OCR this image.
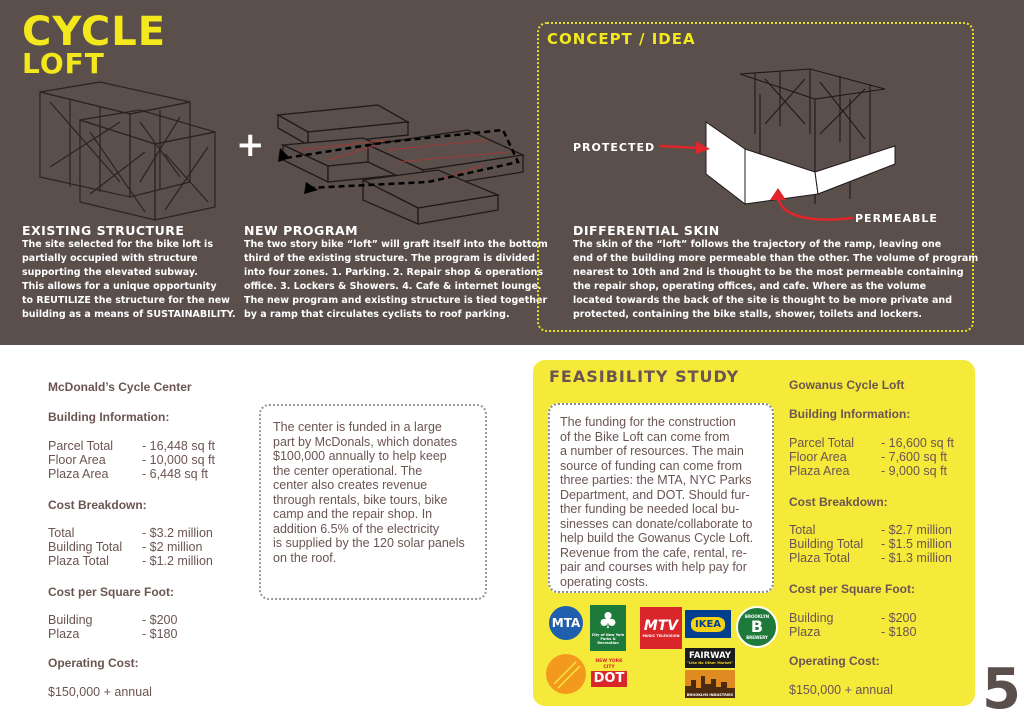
CYCLE
LOFT
+
EXISTING STRUCTURE
The site selected for the bike loft is
partially occupied with structure
supporting the elevated subway.
This allows for a unique opportunity
to REUTILIZE the structure for the new
building as a means of SUSTAINABILITY.
NEW PROGRAM
The two story bike “loft” will graft itself into the bottom
third of the existing structure. The program is divided
into four zones. 1. Parking. 2. Repair shop & operations
office. 3. Lockers & Showers. 4. Cafe & internet lounge.
The new program and existing structure is tied together
by a ramp that circulates cyclists to roof parking.
CONCEPT / IDEA
PROTECTED
PERMEABLE
DIFFERENTIAL SKIN
The skin of the “loft” follows the trajectory of the ramp, leaving one
end of the building more permeable than the other. The volume of program
nearest to 10th and 2nd is thought to be the most permeable containing
the repair shop, operating offices, and cafe. Where as the volume
located towards the back of the site is thought to be more private and
protected, containing the bike stalls, shower, toilets and lockers.
McDonald’s Cycle Center
Building Information:
Parcel Total - 16,448 sq ft
Floor Area	- 10,000 sq ft
Plaza Area	- 6,448 sq ft
Cost Breakdown:
Total	- $3.2 million
Building Total - $2 million
Plaza Total	- $1.2 million
Cost per Square Foot:
Building	- $200
Plaza	- $180
Operating Cost:
$150,000 + annual
The center is funded in a large
part by McDonals, which donates
$100,000 annually to help keep
the center operational. The
center also creates revenue
through rentals, bike tours, bike
camp and the repair shop. In
addition 6.5% of the electricity
is supplied by the 120 solar panels
on the roof.
FEASIBILITY STUDY
The funding for the construction
of the Bike Loft can come from
a number of resources. The main
source of funding can come from
three parties: the MTA, NYC Parks
Department, and DOT. Should fur-
ther funding be needed local bu-
sinesses can donate/collaborate to
help build the Gowanus Cycle Loft.
Revenue from the cafe, rental, re-
pair and courses with help pay for
operating costs.
MTA ♣
City of New York
Parks & Recreation
MTV
MUSIC TELEVISION
IKEA
BROOKLYN
B
BREWERY
NEW YORK CITY
DOT
FAIRWAY
"Like No Other Market"
BROOKLYN INDUSTRIES
Gowanus Cycle Loft
Building Information:
Parcel Total - 16,600 sq ft
Floor Area	- 7,600 sq ft
Plaza Area	- 9,000 sq ft
Cost Breakdown:
Total	- $2.7 million
Building Total - $1.5 million
Plaza Total - $1.3 million
Cost per Square Foot:
Building	- $200
Plaza	- $180
Operating Cost:
$150,000 + annual 5
